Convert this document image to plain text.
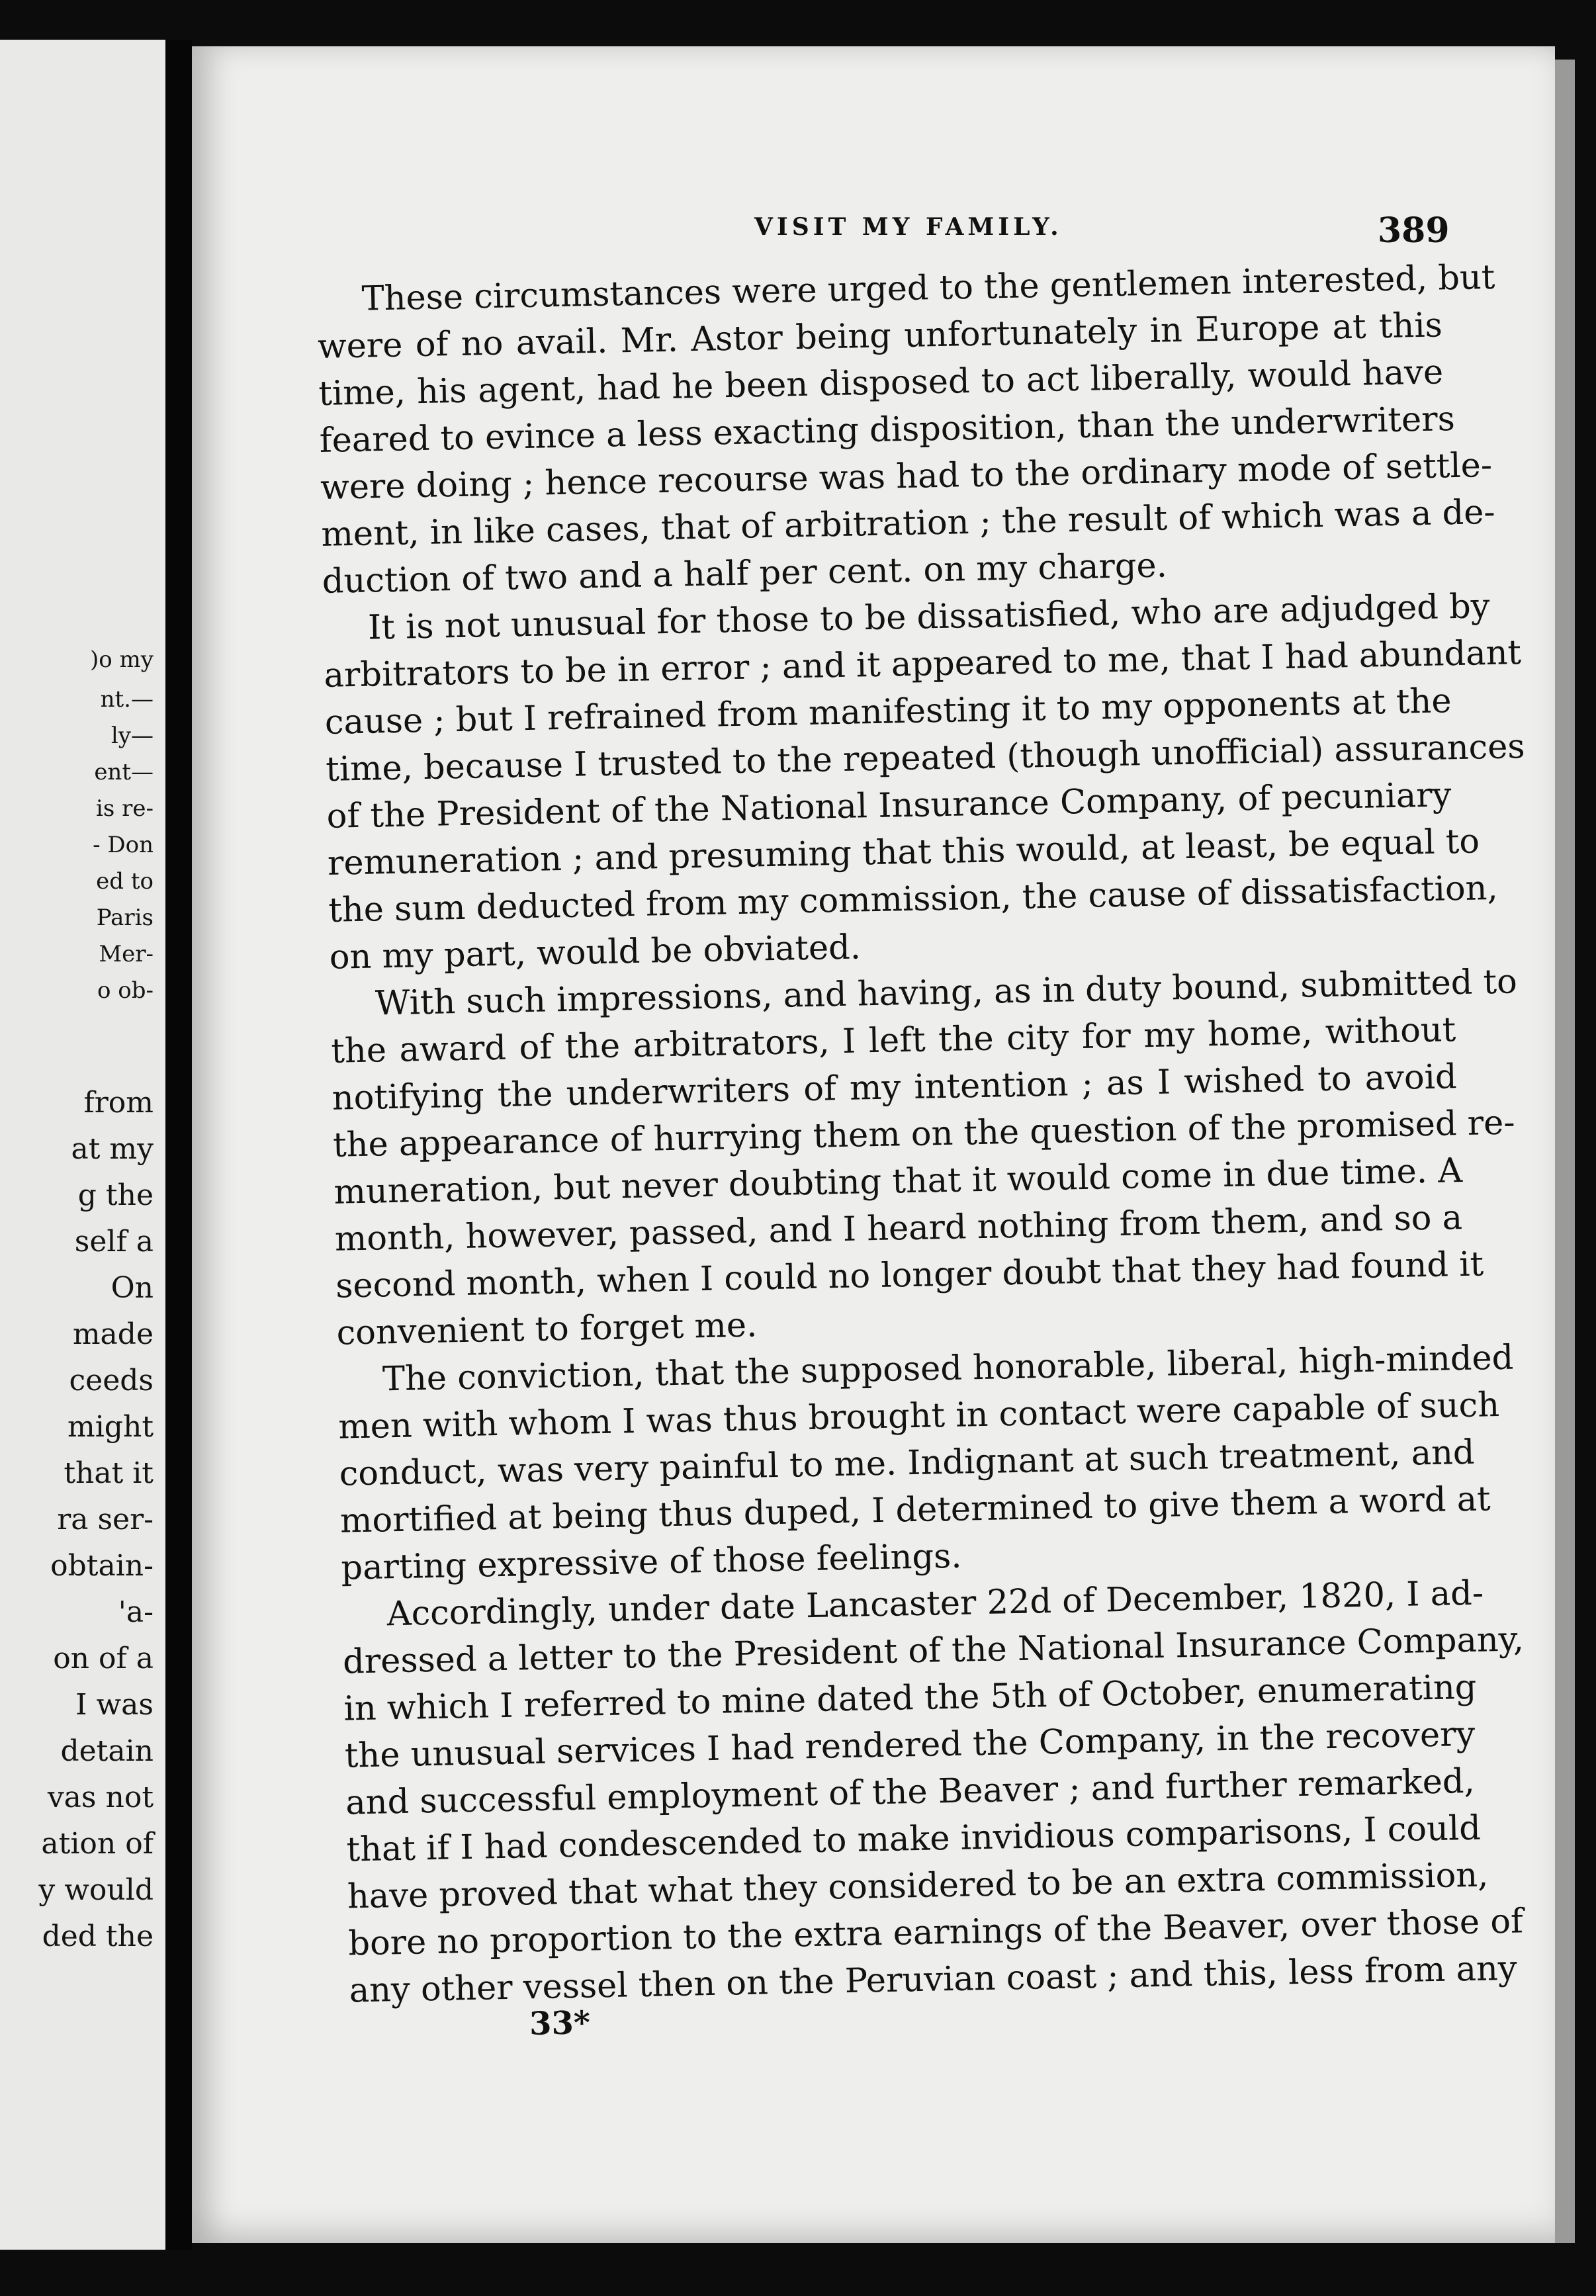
)o my
nt.—
ly—
ent—
is re-
- Don
ed to
Paris
Mer-
o ob-
from
at my
g the
self a
On
made
ceeds
might
that it
ra ser-
obtain-
'a-
on of a
I was
detain
vas not
ation of
y would
ded the
VISIT MY FAMILY.	389
These circumstances were urged to the gentlemen interested, but
were of no avail. Mr. Astor being unfortunately in Europe at this
time, his agent, had he been disposed to act liberally, would have
feared to evince a less exacting disposition, than the underwriters
were doing ; hence recourse was had to the ordinary mode of settle-
ment, in like cases, that of arbitration ; the result of which was a de-
duction of two and a half per cent. on my charge.
It is not unusual for those to be dissatisfied, who are adjudged by
arbitrators to be in error ; and it appeared to me, that I had abundant
cause ; but I refrained from manifesting it to my opponents at the
time, because I trusted to the repeated (though unofficial) assurances
of the President of the National Insurance Company, of pecuniary
remuneration ; and presuming that this would, at least, be equal to
the sum deducted from my commission, the cause of dissatisfaction,
on my part, would be obviated.
With such impressions, and having, as in duty bound, submitted to
the award of the arbitrators, I left the city for my home, without
notifying the underwriters of my intention ; as I wished to avoid
the appearance of hurrying them on the question of the promised re-
muneration, but never doubting that it would come in due time. A
month, however, passed, and I heard nothing from them, and so a
second month, when I could no longer doubt that they had found it
convenient to forget me.
The conviction, that the supposed honorable, liberal, high-minded
men with whom I was thus brought in contact were capable of such
conduct, was very painful to me. Indignant at such treatment, and
mortified at being thus duped, I determined to give them a word at
parting expressive of those feelings.
Accordingly, under date Lancaster 22d of December, 1820, I ad-
dressed a letter to the President of the National Insurance Company,
in which I referred to mine dated the 5th of October, enumerating
the unusual services I had rendered the Company, in the recovery
and successful employment of the Beaver ; and further remarked,
that if I had condescended to make invidious comparisons, I could
have proved that what they considered to be an extra commission,
bore no proportion to the extra earnings of the Beaver, over those of
any other vessel then on the Peruvian coast ; and this, less from any
33*
